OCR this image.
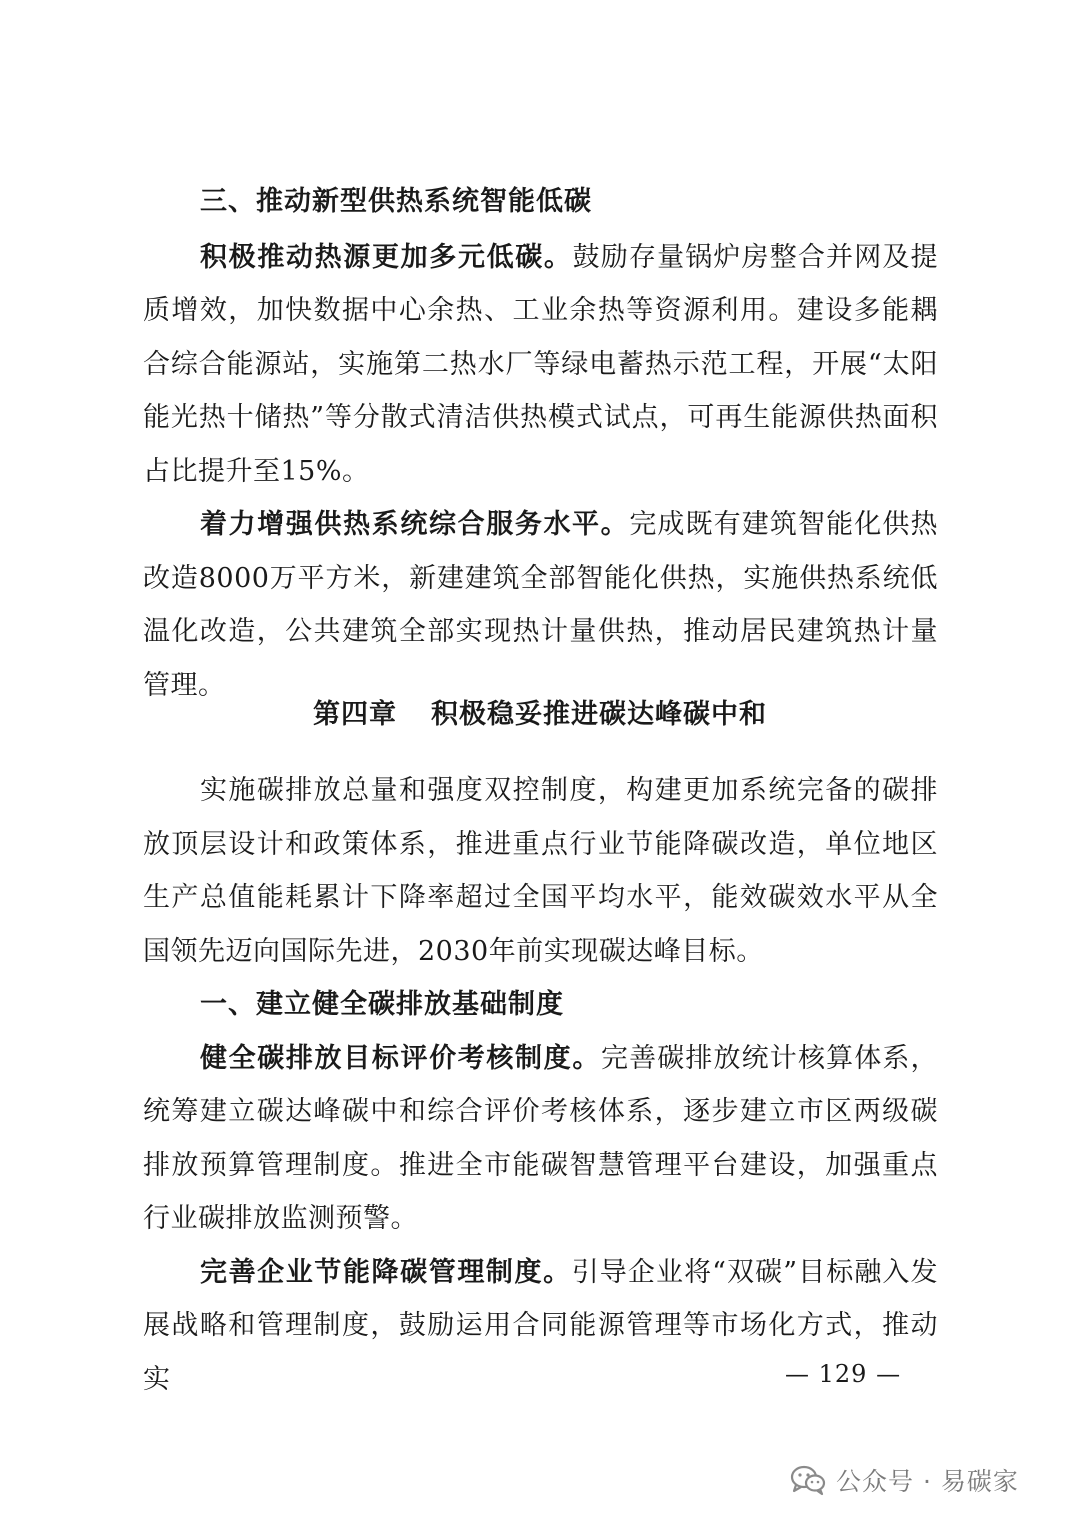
三、推动新型供热系统智能低碳

积极推动热源更加多元低碳。鼓励存量锅炉房整合并网及提质增效，加快数据中心余热、工业余热等资源利用。建设多能耦合综合能源站，实施第二热水厂等绿电蓄热示范工程，开展“太阳能光热十储热”等分散式清洁供热模式试点，可再生能源供热面积占比提升至15%。

着力增强供热系统综合服务水平。完成既有建筑智能化供热改造8000万平方米，新建建筑全部智能化供热，实施供热系统低温化改造，公共建筑全部实现热计量供热，推动居民建筑热计量管理。

第四章 积极稳妥推进碳达峰碳中和

实施碳排放总量和强度双控制度，构建更加系统完备的碳排放顶层设计和政策体系，推进重点行业节能降碳改造，单位地区生产总值能耗累计下降率超过全国平均水平，能效碳效水平从全国领先迈向国际先进，2030年前实现碳达峰目标。

一、建立健全碳排放基础制度

健全碳排放目标评价考核制度。完善碳排放统计核算体系，统筹建立碳达峰碳中和综合评价考核体系，逐步建立市区两级碳排放预算管理制度。推进全市能碳智慧管理平台建设，加强重点行业碳排放监测预警。

完善企业节能降碳管理制度。引导企业将“双碳”目标融入发展战略和管理制度，鼓励运用合同能源管理等市场化方式，推动实	— 129 —
公众号 · 易碳家
